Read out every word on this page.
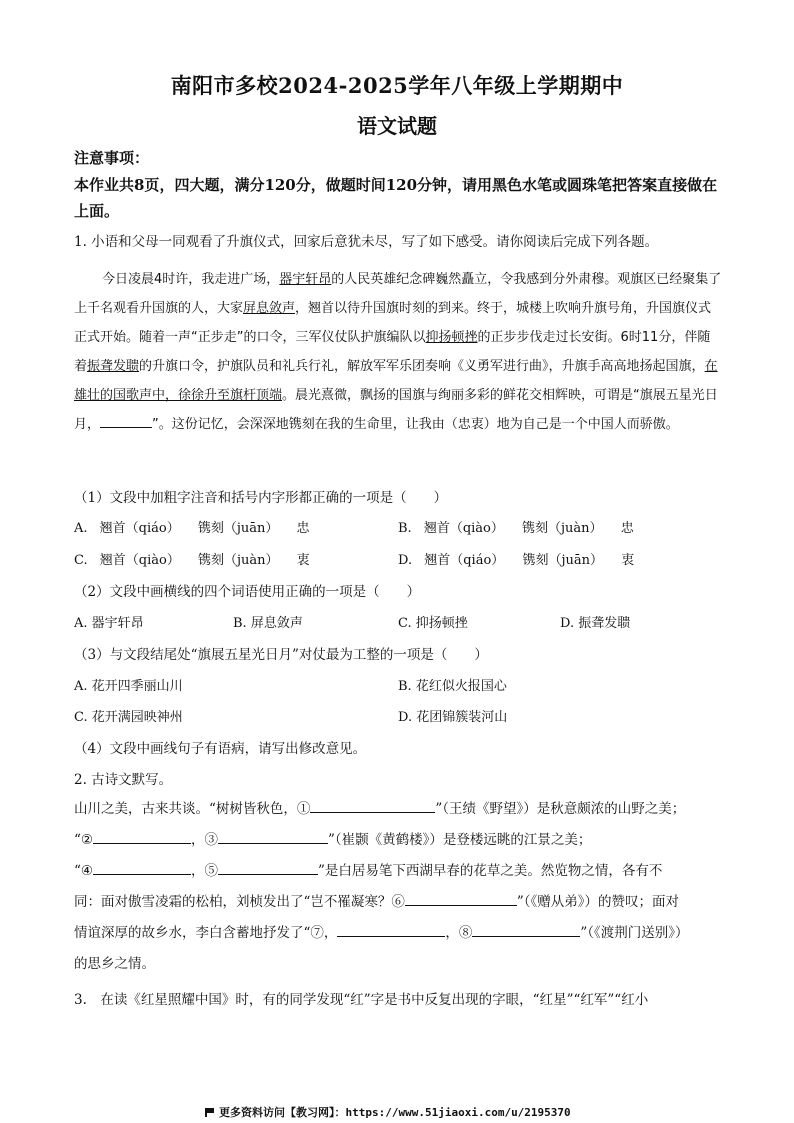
南阳市多校2024-2025学年八年级上学期期中
语文试题
注意事项：
本作业共8页，四大题，满分120分，做题时间120分钟，请用黑色水笔或圆珠笔把答案直接做在上面。
1. 小语和父母一同观看了升旗仪式，回家后意犹未尽，写了如下感受。请你阅读后完成下列各题。
今日凌晨4时许，我走进广场，器宇轩昂的人民英雄纪念碑巍然矗立，令我感到分外肃穆。观旗区已经聚集了上千名观看升国旗的人，大家屏息敛声，翘首以待升国旗时刻的到来。终于，城楼上吹响升旗号角，升国旗仪式正式开始。随着一声“正步走”的口令，三军仪仗队护旗编队以抑扬顿挫的正步步伐走过长安街。6时11分，伴随着振聋发聩的升旗口令，护旗队员和礼兵行礼，解放军军乐团奏响《义勇军进行曲》，升旗手高高地扬起国旗，在雄壮的国歌声中，徐徐升至旗杆顶端。晨光熹微，飘扬的国旗与绚丽多彩的鲜花交相辉映，可谓是“旗展五星光日月，	”。这份记忆，会深深地镌刻在我的生命里，让我由（忠衷）地为自己是一个中国人而骄傲。
（1）文段中加粗字注音和括号内字形都正确的一项是（　　）
A. 翘首（qiáo） 镌刻（juān） 忠	B. 翘首（qiào） 镌刻（juàn） 忠
C. 翘首（qiào） 镌刻（juàn） 衷	D. 翘首（qiáo） 镌刻（juān） 衷
（2）文段中画横线的四个词语使用正确的一项是（　　）
A. 器宇轩昂	B. 屏息敛声	C. 抑扬顿挫	D. 振聋发聩
（3）与文段结尾处“旗展五星光日月”对仗最为工整的一项是（　　）
A. 花开四季丽山川	B. 花红似火报国心
C. 花开满园映神州	D. 花团锦簇装河山
（4）文段中画线句子有语病，请写出修改意见。
2. 古诗文默写。
山川之美，古来共谈。“树树皆秋色，①	”（王绩《野望》）是秋意颇浓的山野之美；
“②	，③	”（崔颢《黄鹤楼》）是登楼远眺的江景之美；
“④	，⑤	”是白居易笔下西湖早春的花草之美。然览物之情，各有不
同：面对傲雪凌霜的松柏，刘桢发出了“岂不罹凝寒？⑥	”（《赠从弟》）的赞叹；面对
情谊深厚的故乡水，李白含蓄地抒发了“⑦，	，⑧	”（《渡荆门送别》）
的思乡之情。
3.　在读《红星照耀中国》时，有的同学发现“红”字是书中反复出现的字眼，“红星”“红军”“红小
更多资料访问【教习网】：https://www.51jiaoxi.com/u/2195370
